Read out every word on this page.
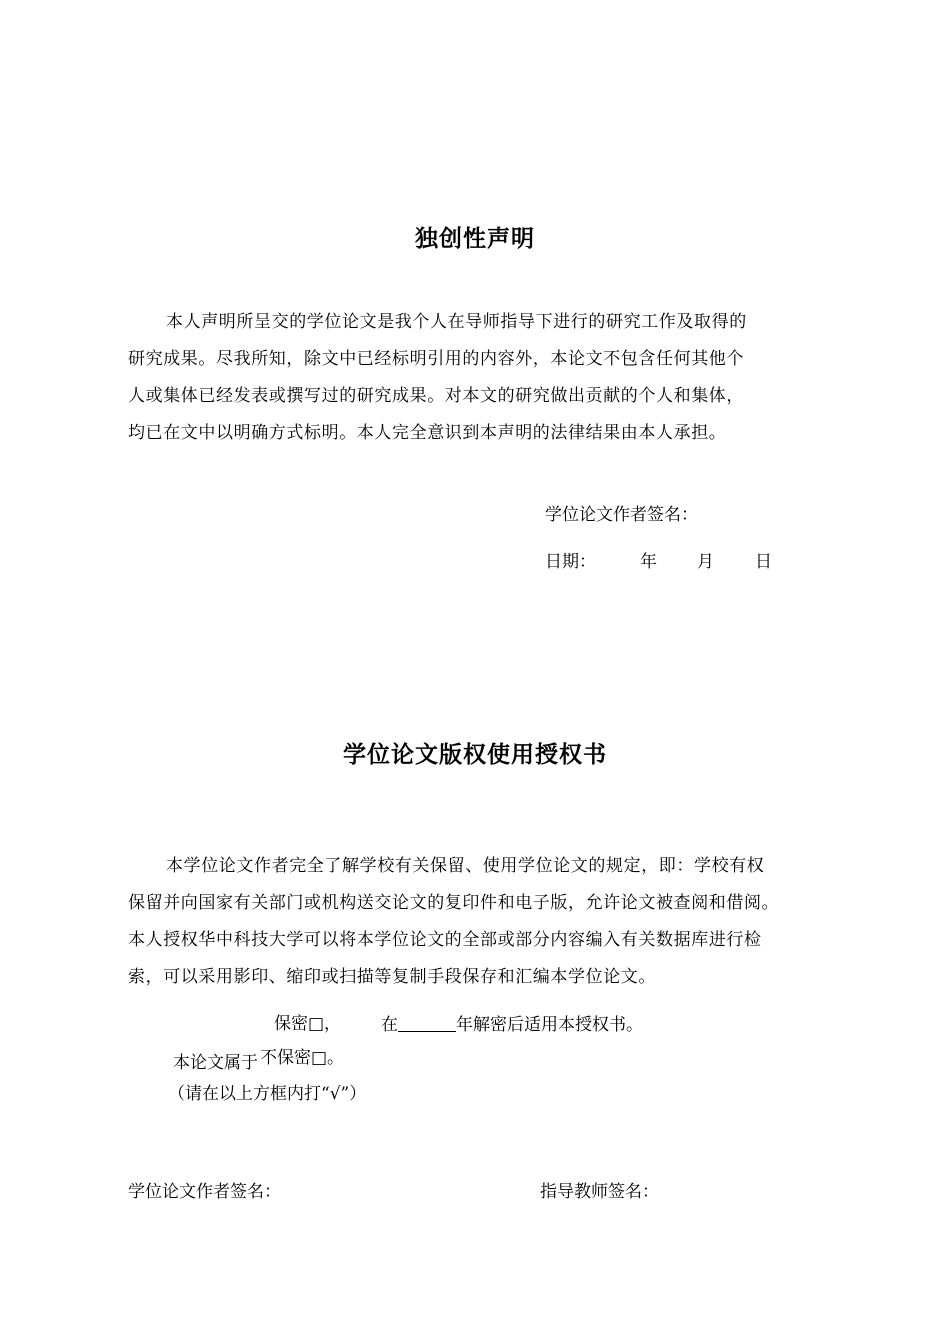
独创性声明
本人声明所呈交的学位论文是我个人在导师指导下进行的研究工作及取得的
研究成果。尽我所知，除文中已经标明引用的内容外，本论文不包含任何其他个
人或集体已经发表或撰写过的研究成果。对本文的研究做出贡献的个人和集体，
均已在文中以明确方式标明。本人完全意识到本声明的法律结果由本人承担。

学位论文作者签名：

日期：	年 月 日

学位论文版权使用授权书
本学位论文作者完全了解学校有关保留、使用学位论文的规定，即：学校有权
保留并向国家有关部门或机构送交论文的复印件和电子版，允许论文被查阅和借阅。
本人授权华中科技大学可以将本学位论文的全部或部分内容编入有关数据库进行检
索，可以采用影印、缩印或扫描等复制手段保存和汇编本学位论文。

保密□， 在	年解密后适用本授权书。

本论文属于 不保密□。

（请在以上方框内打“√”）

学位论文作者签名：	指导教师签名：
